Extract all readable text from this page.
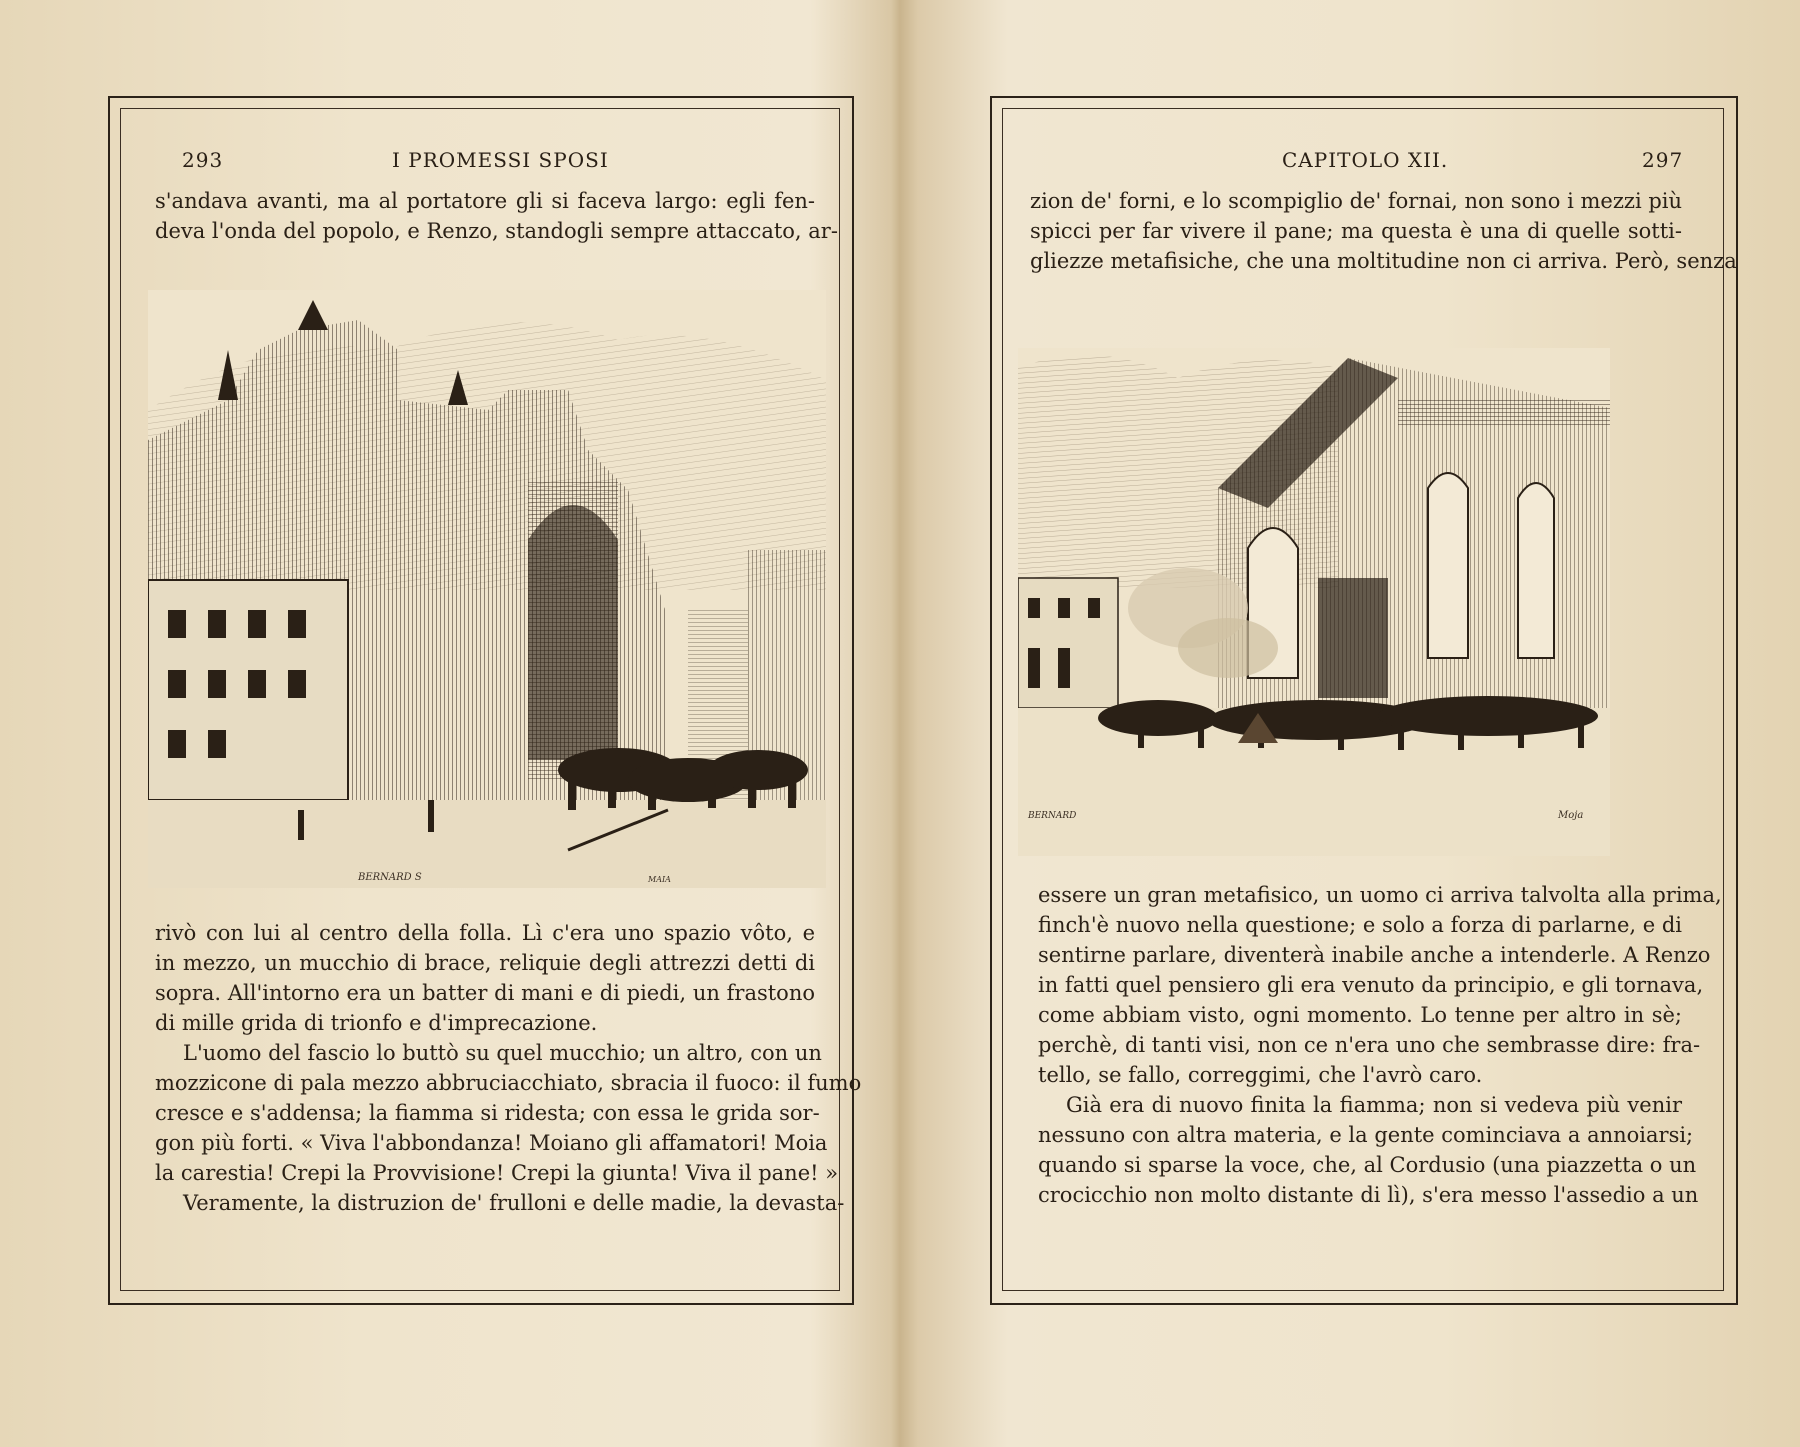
293	I PROMESSI SPOSI
s'andava avanti, ma al portatore gli si faceva largo: egli fen-
deva l'onda del popolo, e Renzo, standogli sempre attaccato, ar-
BERNARD S	MAIA
rivò con lui al centro della folla. Lì c'era uno spazio vôto, e
in mezzo, un mucchio di brace, reliquie degli attrezzi detti di
sopra. All'intorno era un batter di mani e di piedi, un frastono
di mille grida di trionfo e d'imprecazione.
L'uomo del fascio lo buttò su quel mucchio; un altro, con un
mozzicone di pala mezzo abbruciacchiato, sbracia il fuoco: il fumo
cresce e s'addensa; la fiamma si ridesta; con essa le grida sor-
gon più forti. « Viva l'abbondanza! Moiano gli affamatori! Moia
la carestia! Crepi la Provvisione! Crepi la giunta! Viva il pane! »
Veramente, la distruzion de' frulloni e delle madie, la devasta-
CAPITOLO XII.	297
zion de' forni, e lo scompiglio de' fornai, non sono i mezzi più
spicci per far vivere il pane; ma questa è una di quelle sotti-
gliezze metafisiche, che una moltitudine non ci arriva. Però, senza
BERNARD	Moja
essere un gran metafisico, un uomo ci arriva talvolta alla prima,
finch'è nuovo nella questione; e solo a forza di parlarne, e di
sentirne parlare, diventerà inabile anche a intenderle. A Renzo
in fatti quel pensiero gli era venuto da principio, e gli tornava,
come abbiam visto, ogni momento. Lo tenne per altro in sè;
perchè, di tanti visi, non ce n'era uno che sembrasse dire: fra-
tello, se fallo, correggimi, che l'avrò caro.
Già era di nuovo finita la fiamma; non si vedeva più venir
nessuno con altra materia, e la gente cominciava a annoiarsi;
quando si sparse la voce, che, al Cordusio (una piazzetta o un
crocicchio non molto distante di lì), s'era messo l'assedio a un
